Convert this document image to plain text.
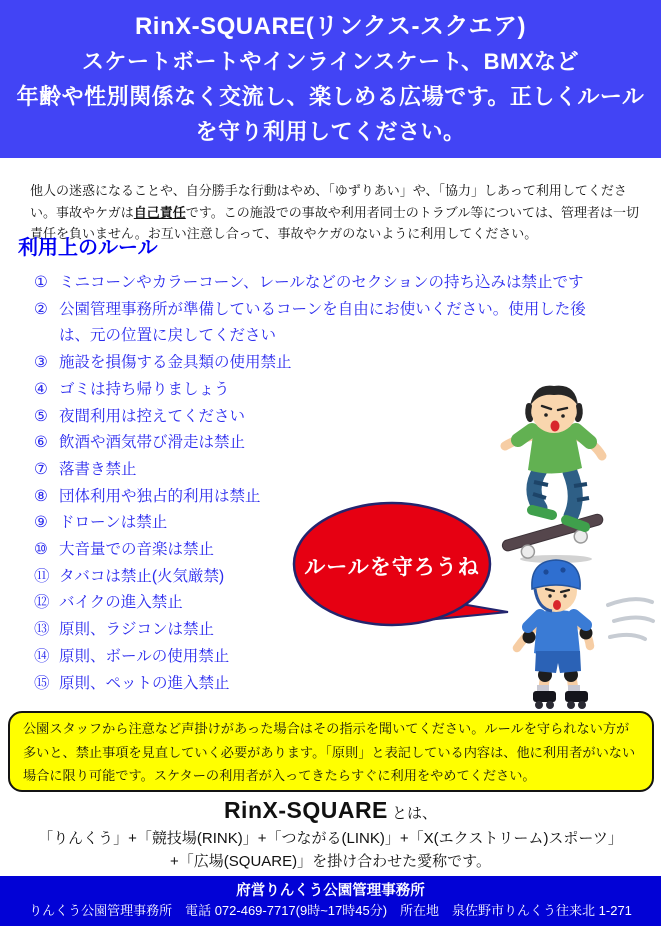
RinX-SQUARE(リンクス-スクエア)
スケートボートやインラインスケート、BMXなど
年齢や性別関係なく交流し、楽しめる広場です。正しくルール
を守り利用してください。

他人の迷惑になることや、自分勝手な行動はやめ、「ゆずりあい」や、「協力」しあって利用してください。事故やケガは自己責任です。この施設での事故や利用者同士のトラブル等については、管理者は一切責任を負いません。お互い注意し合って、事故やケガのないように利用してください。

利用上のルール
① ミニコーンやカラーコーン、レールなどのセクションの持ち込みは禁止です
② 公園管理事務所が準備しているコーンを自由にお使いください。使用した後は、元の位置に戻してください
③ 施設を損傷する金具類の使用禁止
④ ゴミは持ち帰りましょう
⑤ 夜間利用は控えてください
⑥ 飲酒や酒気帯び滑走は禁止
⑦ 落書き禁止
⑧ 団体利用や独占的利用は禁止
⑨ ドローンは禁止
⑩ 大音量での音楽は禁止
⑪ タバコは禁止(火気厳禁)
⑫ バイクの進入禁止
⑬ 原則、ラジコンは禁止
⑭ 原則、ボールの使用禁止
⑮ 原則、ペットの進入禁止
ルールを守ろうね
公園スタッフから注意など声掛けがあった場合はその指示を聞いてください。ルールを守られない方が多いと、禁止事項を見直していく必要があります。「原則」と表記している内容は、他に利用者がいない場合に限り可能です。スケターの利用者が入ってきたらすぐに利用をやめてください。
RinX-SQUARE とは、
「りんくう」+「競技場(RINK)」+「つながる(LINK)」+「X(エクストリーム)スポーツ」
+「広場(SQUARE)」を掛け合わせた愛称です。
府営りんくう公園管理事務所
りんくう公園管理事務所　電話 072-469-7717(9時~17時45分)　所在地　泉佐野市りんくう往来北 1-271
